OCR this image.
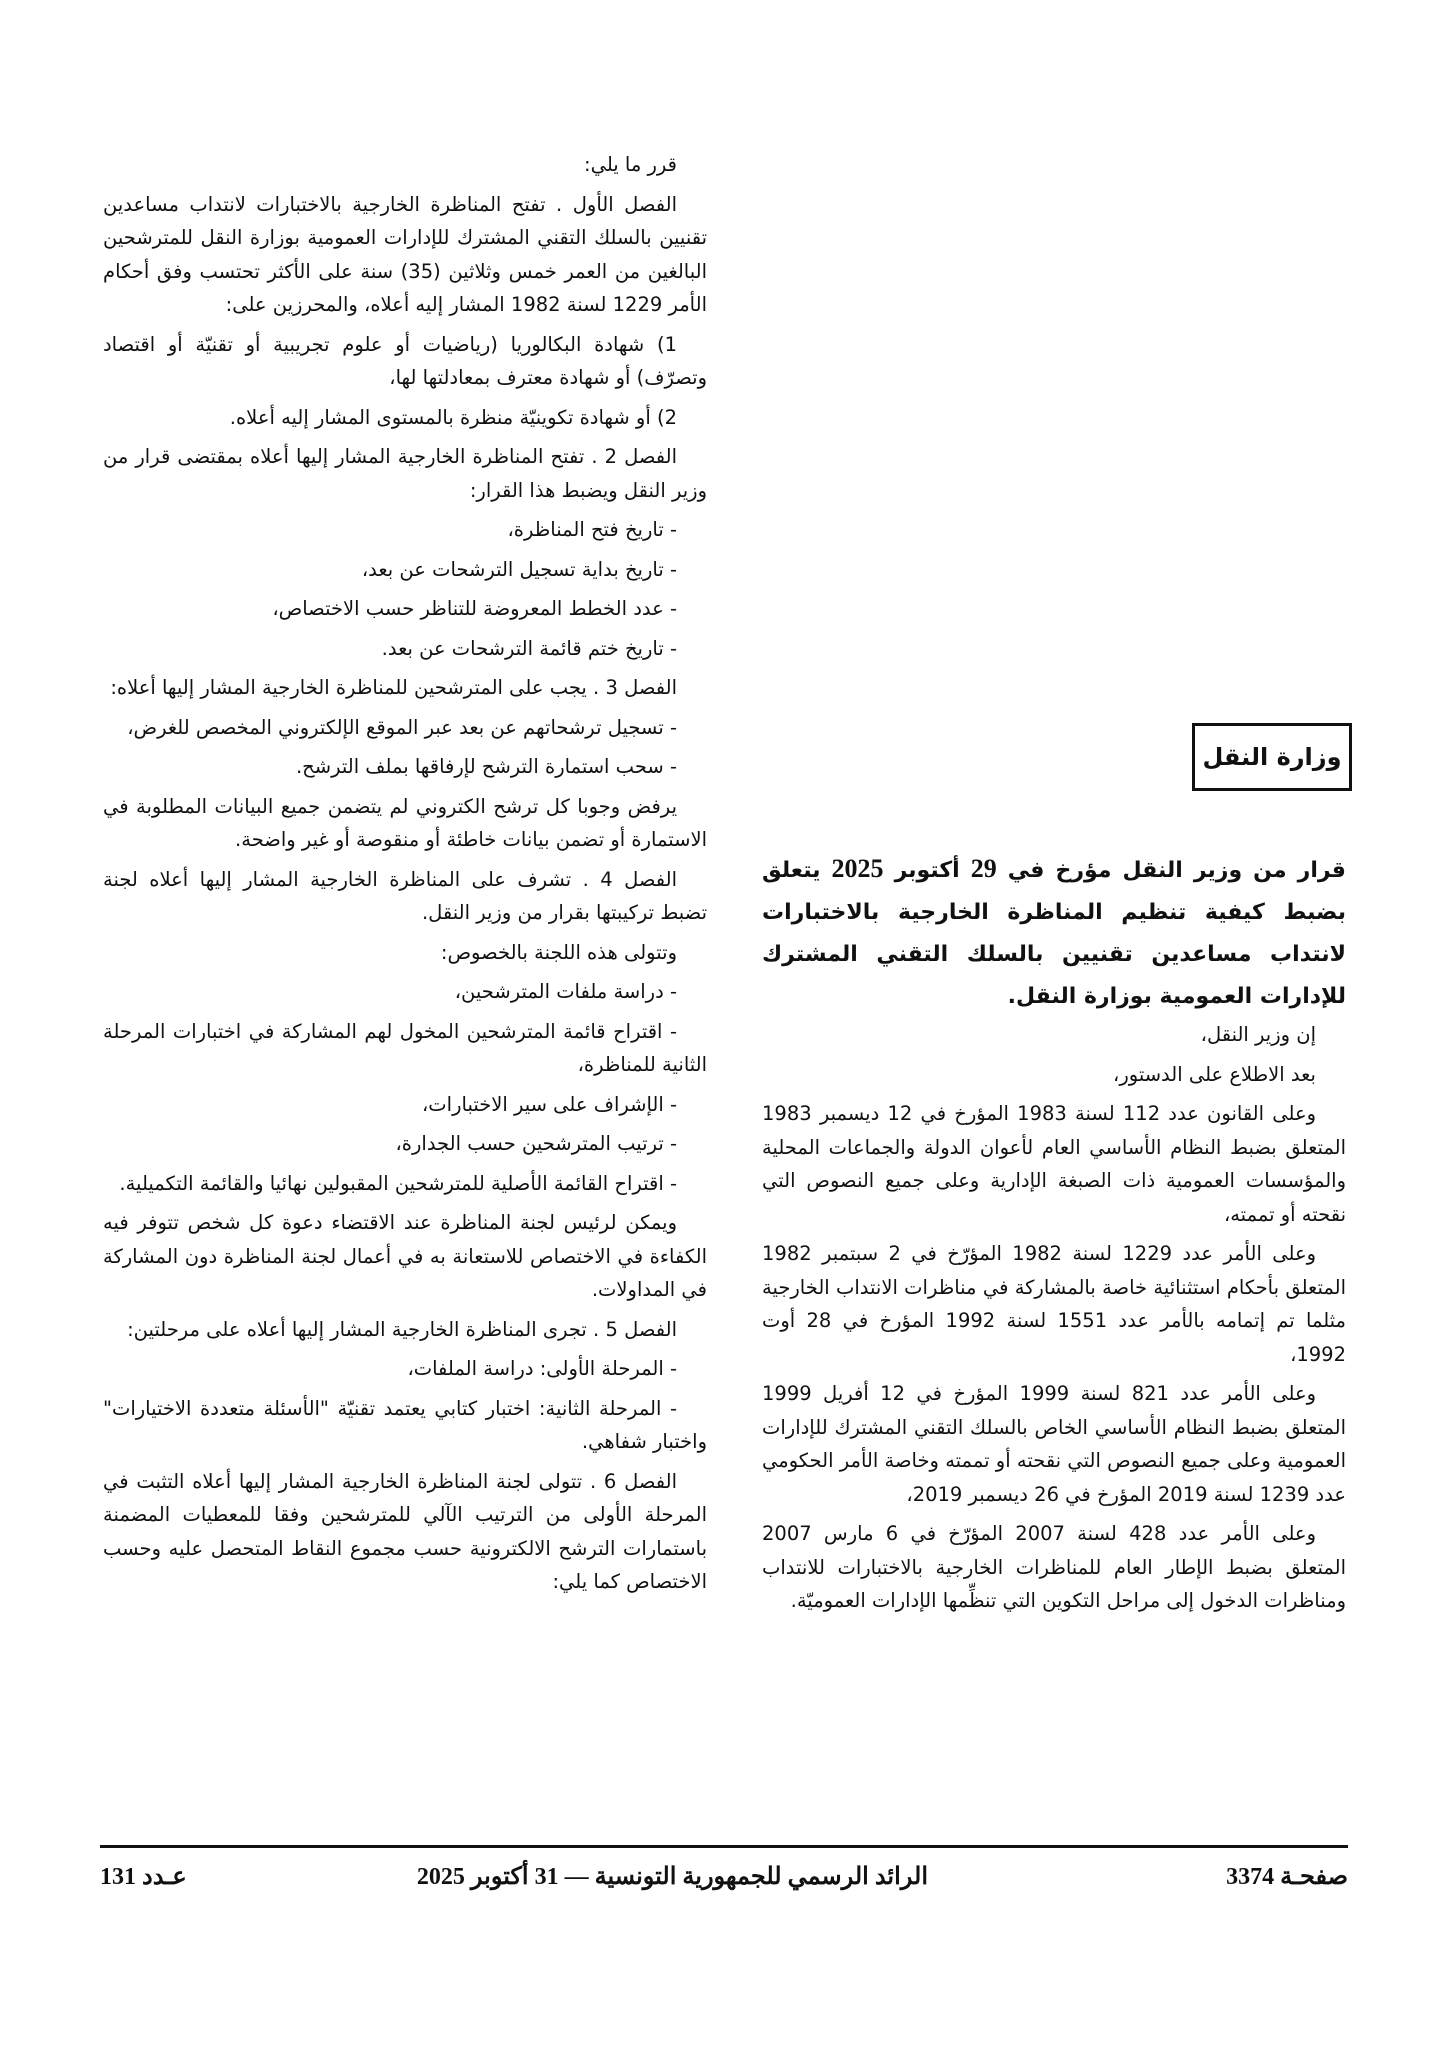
قرر ما يلي:

الفصل الأول . تفتح المناظرة الخارجية بالاختبارات لانتداب مساعدين تقنيين بالسلك التقني المشترك للإدارات العمومية بوزارة النقل للمترشحين البالغين من العمر خمس وثلاثين (35) سنة على الأكثر تحتسب وفق أحكام الأمر 1229 لسنة 1982 المشار إليه أعلاه، والمحرزين على:

1) شهادة البكالوريا (رياضيات أو علوم تجريبية أو تقنيّة أو اقتصاد وتصرّف) أو شهادة معترف بمعادلتها لها،

2) أو شهادة تكوينيّة منظرة بالمستوى المشار إليه أعلاه.

الفصل 2 . تفتح المناظرة الخارجية المشار إليها أعلاه بمقتضى قرار من وزير النقل ويضبط هذا القرار:

- تاريخ فتح المناظرة،

- تاريخ بداية تسجيل الترشحات عن بعد،

- عدد الخطط المعروضة للتناظر حسب الاختصاص،

- تاريخ ختم قائمة الترشحات عن بعد.

الفصل 3 . يجب على المترشحين للمناظرة الخارجية المشار إليها أعلاه:

- تسجيل ترشحاتهم عن بعد عبر الموقع الإلكتروني المخصص للغرض،

- سحب استمارة الترشح لإرفاقها بملف الترشح.

يرفض وجوبا كل ترشح الكتروني لم يتضمن جميع البيانات المطلوبة في الاستمارة أو تضمن بيانات خاطئة أو منقوصة أو غير واضحة.

الفصل 4 . تشرف على المناظرة الخارجية المشار إليها أعلاه لجنة تضبط تركيبتها بقرار من وزير النقل.

وتتولى هذه اللجنة بالخصوص:

- دراسة ملفات المترشحين،

- اقتراح قائمة المترشحين المخول لهم المشاركة في اختبارات المرحلة الثانية للمناظرة،

- الإشراف على سير الاختبارات،

- ترتيب المترشحين حسب الجدارة،

- اقتراح القائمة الأصلية للمترشحين المقبولين نهائيا والقائمة التكميلية.

ويمكن لرئيس لجنة المناظرة عند الاقتضاء دعوة كل شخص تتوفر فيه الكفاءة في الاختصاص للاستعانة به في أعمال لجنة المناظرة دون المشاركة في المداولات.

الفصل 5 . تجرى المناظرة الخارجية المشار إليها أعلاه على مرحلتين:

- المرحلة الأولى: دراسة الملفات،

- المرحلة الثانية: اختبار كتابي يعتمد تقنيّة "الأسئلة متعددة الاختيارات" واختبار شفاهي.

الفصل 6 . تتولى لجنة المناظرة الخارجية المشار إليها أعلاه التثبت في المرحلة الأولى من الترتيب الآلي للمترشحين وفقا للمعطيات المضمنة باستمارات الترشح الالكترونية حسب مجموع النقاط المتحصل عليه وحسب الاختصاص كما يلي:

وزارة النقل
قرار من وزير النقل مؤرخ في 29 أكتوبر 2025 يتعلق بضبط كيفية تنظيم المناظرة الخارجية بالاختبارات لانتداب مساعدين تقنيين بالسلك التقني المشترك للإدارات العمومية بوزارة النقل.

إن وزير النقل،

بعد الاطلاع على الدستور،

وعلى القانون عدد 112 لسنة 1983 المؤرخ في 12 ديسمبر 1983 المتعلق بضبط النظام الأساسي العام لأعوان الدولة والجماعات المحلية والمؤسسات العمومية ذات الصبغة الإدارية وعلى جميع النصوص التي نقحته أو تممته،

وعلى الأمر عدد 1229 لسنة 1982 المؤرّخ في 2 سبتمبر 1982 المتعلق بأحكام استثنائية خاصة بالمشاركة في مناظرات الانتداب الخارجية مثلما تم إتمامه بالأمر عدد 1551 لسنة 1992 المؤرخ في 28 أوت 1992،

وعلى الأمر عدد 821 لسنة 1999 المؤرخ في 12 أفريل 1999 المتعلق بضبط النظام الأساسي الخاص بالسلك التقني المشترك للإدارات العمومية وعلى جميع النصوص التي نقحته أو تممته وخاصة الأمر الحكومي عدد 1239 لسنة 2019 المؤرخ في 26 ديسمبر 2019،

وعلى الأمر عدد 428 لسنة 2007 المؤرّخ في 6 مارس 2007 المتعلق بضبط الإطار العام للمناظرات الخارجية بالاختبارات للانتداب ومناظرات الدخول إلى مراحل التكوين التي تنظِّمها الإدارات العموميّة.

صفحـة 3374
الرائد الرسمي للجمهورية التونسية — 31 أكتوبر 2025
عـدد 131
